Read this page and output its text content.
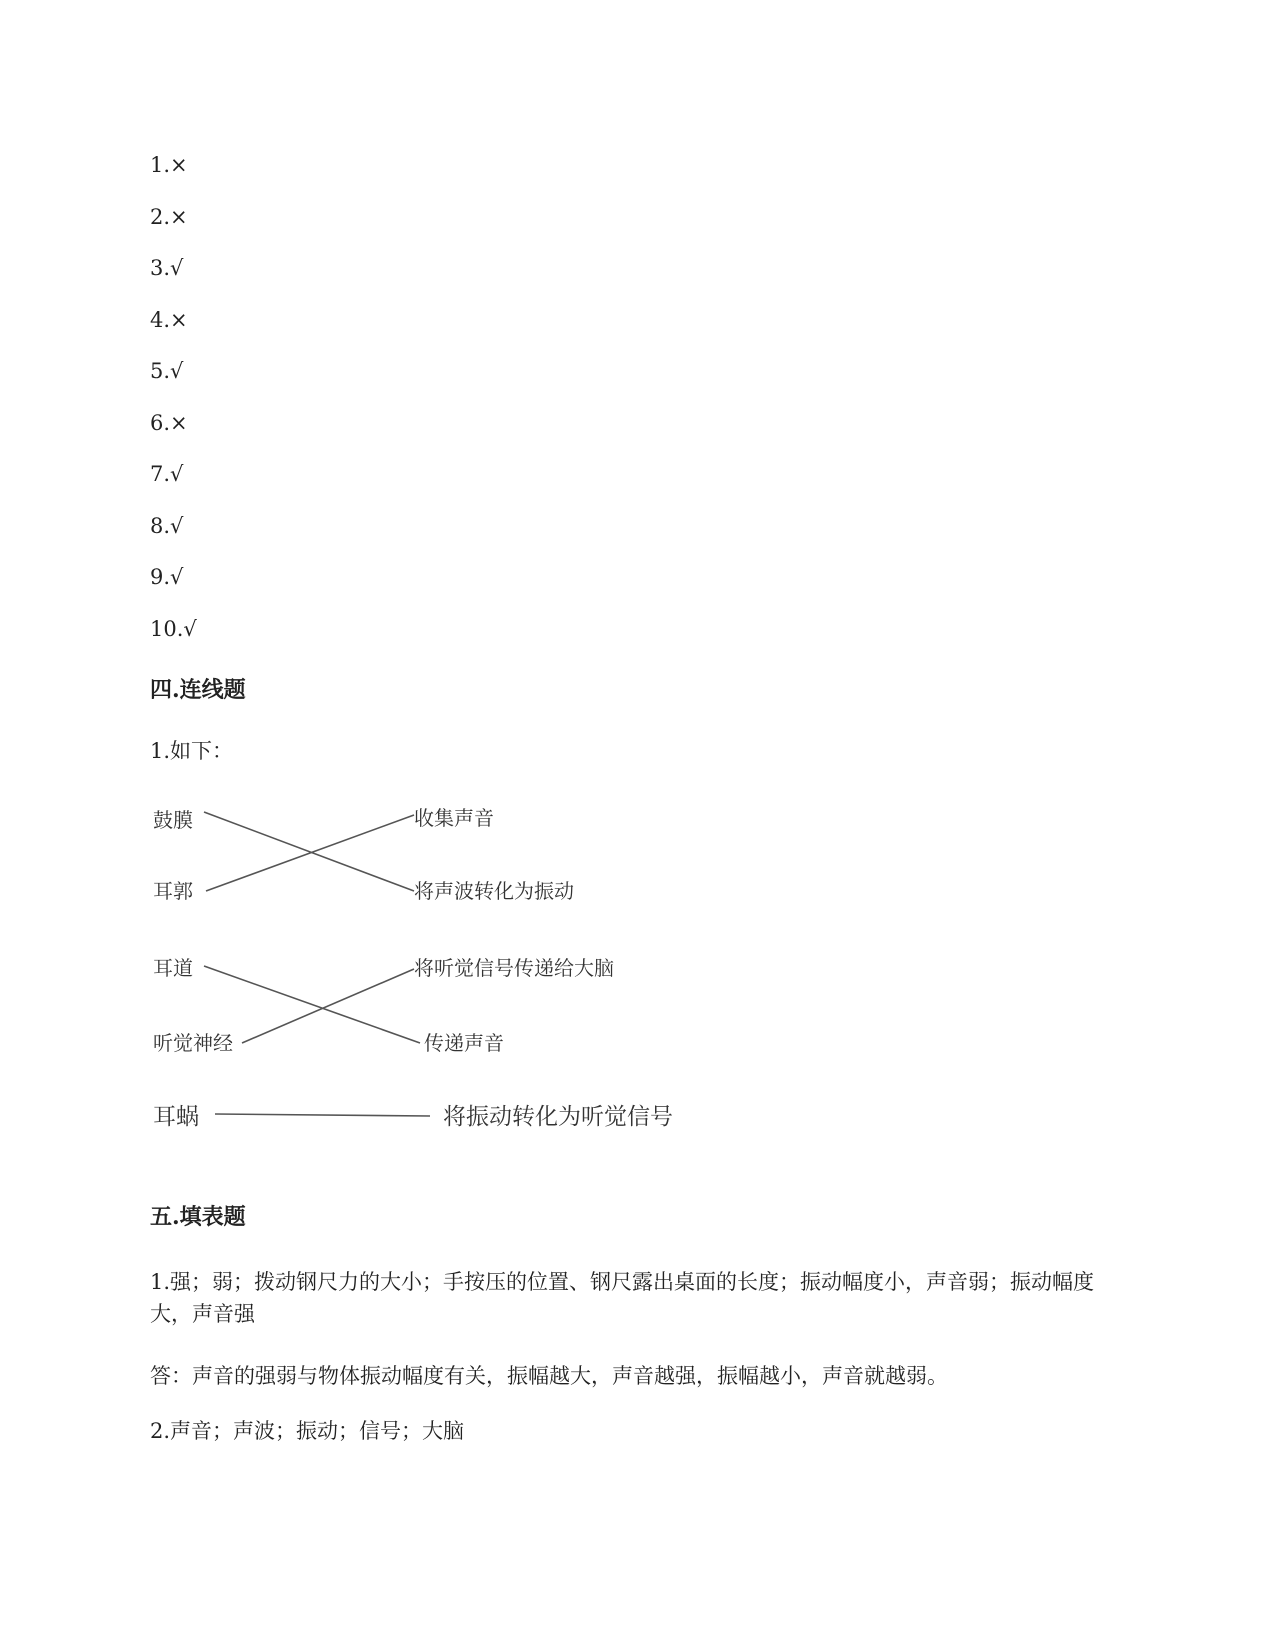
1.×
2.×
3.√
4.×
5.√
6.×
7.√
8.√
9.√
10.√
四.连线题
1.如下：
鼓膜
耳郭
耳道
听觉神经
收集声音
将声波转化为振动
将听觉信号传递给大脑
传递声音
耳蜗	将振动转化为听觉信号
五.填表题
1.强；弱；拨动钢尺力的大小；手按压的位置、钢尺露出桌面的长度；振动幅度小，声音弱；振动幅度大，声音强
答：声音的强弱与物体振动幅度有关，振幅越大，声音越强，振幅越小，声音就越弱。
2.声音；声波；振动；信号；大脑
